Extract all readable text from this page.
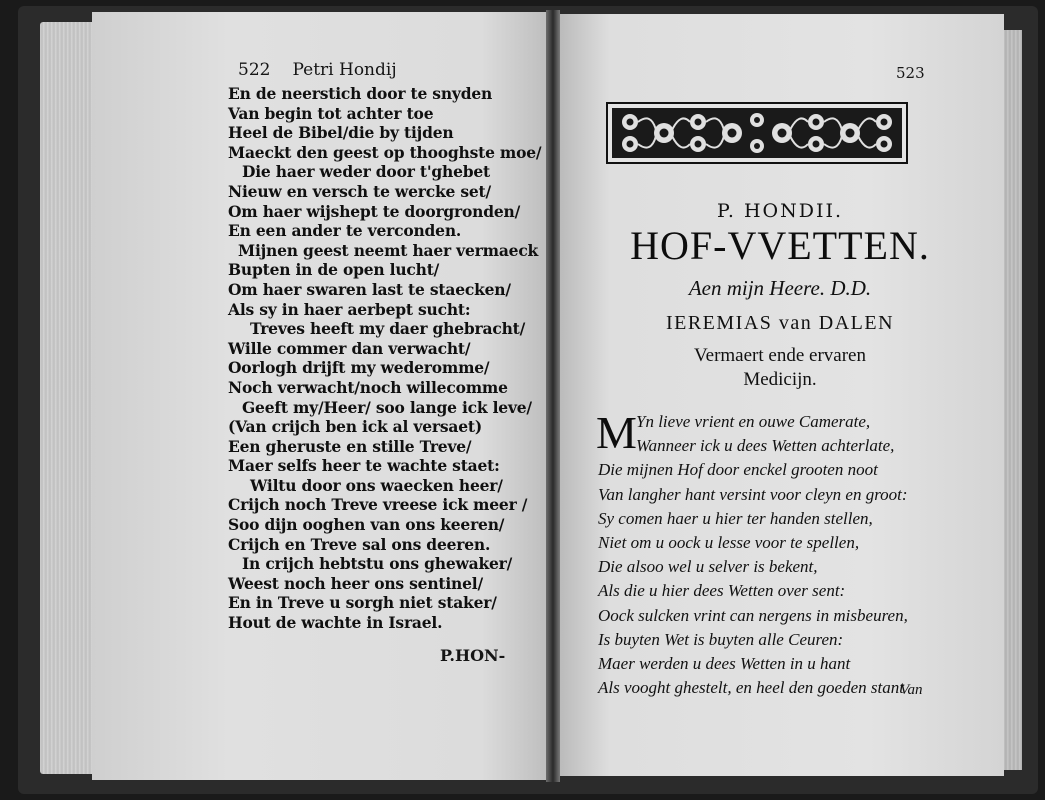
522 Petri Hondij
En de neerstich door te snyden
Van begin tot achter toe
Heel de Bibel/die by tijden
Maeckt den geest op thooghste moe/
Die haer weder door t'ghebet
Nieuw en versch te wercke set/
Om haer wijshept te doorgronden/
En een ander te verconden.
Mijnen geest neemt haer vermaeck
Bupten in de open lucht/
Om haer swaren last te staecken/
Als sy in haer aerbept sucht:
Treves heeft my daer ghebracht/
Wille commer dan verwacht/
Oorlogh drijft my wederomme/
Noch verwacht/noch willecomme
Geeft my/Heer/ soo lange ick leve/
(Van crijch ben ick al versaet)
Een gheruste en stille Treve/
Maer selfs heer te wachte staet:
Wiltu door ons waecken heer/
Crijch noch Treve vreese ick meer /
Soo dijn ooghen van ons keeren/
Crijch en Treve sal ons deeren.
In crijch hebtstu ons ghewaker/
Weest noch heer ons sentinel/
En in Treve u sorgh niet staker/
Hout de wachte in Israel.
P.HON-
523
P. HONDII.
HOF-VVETTEN.
Aen mijn Heere. D.D.
IEREMIAS van DALEN
Vermaert ende ervaren
Medicijn.
M Yn lieve vrient en ouwe Camerate,
Wanneer ick u dees Wetten achterlate,
Die mijnen Hof door enckel grooten noot
Van langher hant versint voor cleyn en groot:
Sy comen haer u hier ter handen stellen,
Niet om u oock u lesse voor te spellen,
Die alsoo wel u selver is bekent,
Als die u hier dees Wetten over sent:
Oock sulcken vrint can nergens in misbeuren,
Is buyten Wet is buyten alle Ceuren:
Maer werden u dees Wetten in u hant
Als vooght ghestelt, en heel den goeden stant
Van
